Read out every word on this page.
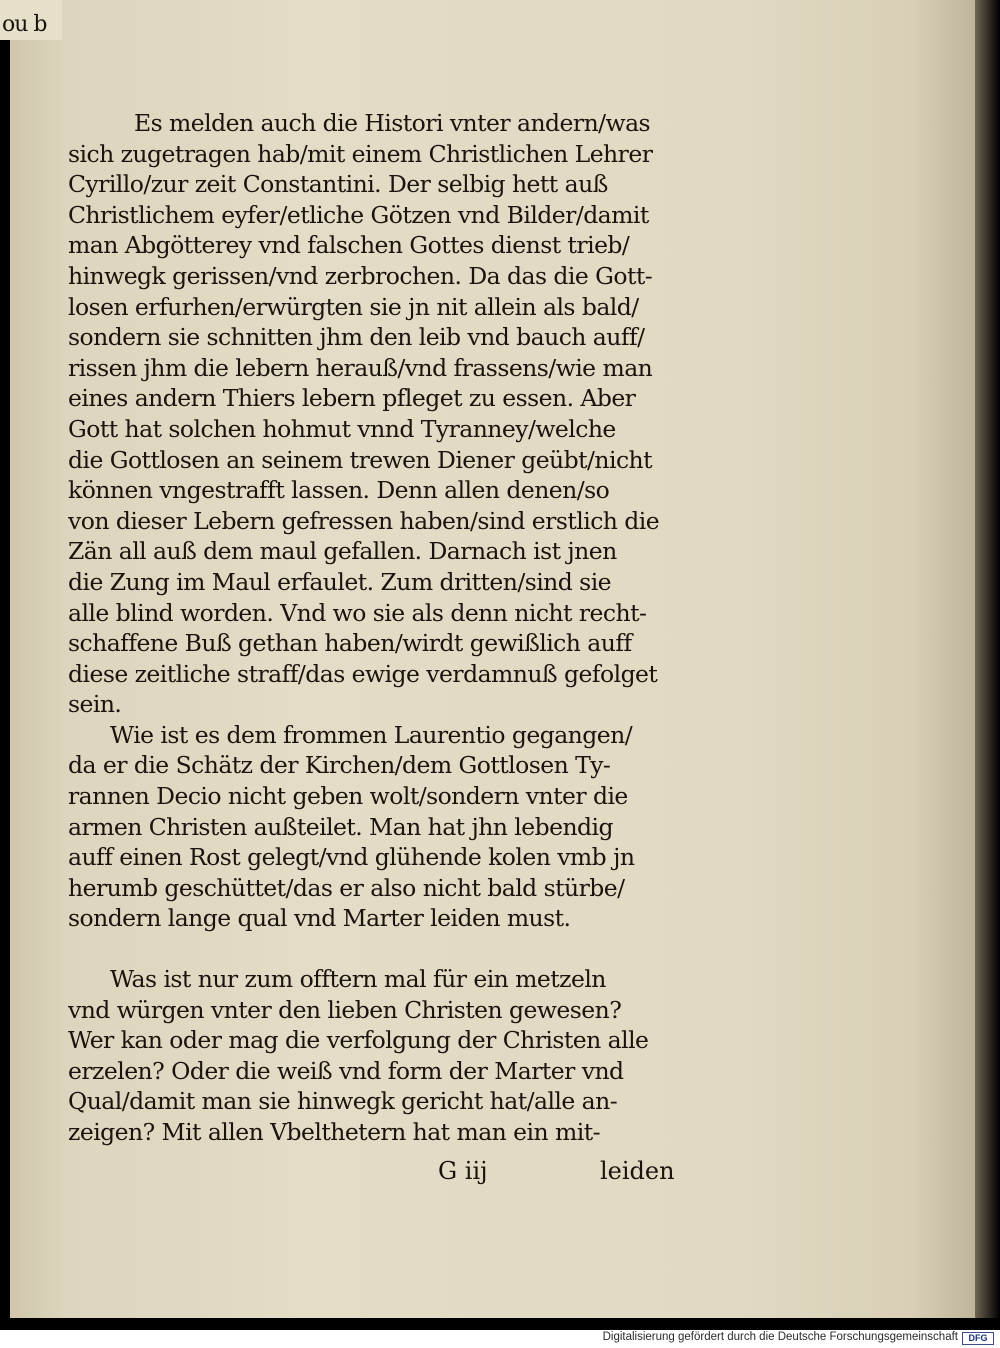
ou b
Es melden auch die Histori vnter andern/was
sich zugetragen hab/mit einem Christlichen Lehrer
Cyrillo/zur zeit Constantini. Der selbig hett auß
Christlichem eyfer/etliche Götzen vnd Bilder/damit
man Abgötterey vnd falschen Gottes dienst trieb/
hinwegk gerissen/vnd zerbrochen. Da das die Gott-
losen erfurhen/erwürgten sie jn nit allein als bald/
sondern sie schnitten jhm den leib vnd bauch auff/
rissen jhm die lebern herauß/vnd frassens/wie man
eines andern Thiers lebern pfleget zu essen. Aber
Gott hat solchen hohmut vnnd Tyranney/welche
die Gottlosen an seinem trewen Diener geübt/nicht
können vngestrafft lassen. Denn allen denen/so
von dieser Lebern gefressen haben/sind erstlich die
Zän all auß dem maul gefallen. Darnach ist jnen
die Zung im Maul erfaulet. Zum dritten/sind sie
alle blind worden. Vnd wo sie als denn nicht recht-
schaffene Buß gethan haben/wirdt gewißlich auff
diese zeitliche straff/das ewige verdamnuß gefolget
sein.
Wie ist es dem frommen Laurentio gegangen/
da er die Schätz der Kirchen/dem Gottlosen Ty-
rannen Decio nicht geben wolt/sondern vnter die
armen Christen außteilet. Man hat jhn lebendig
auff einen Rost gelegt/vnd glühende kolen vmb jn
herumb geschüttet/das er also nicht bald stürbe/
sondern lange qual vnd Marter leiden must.
Was ist nur zum offtern mal für ein metzeln
vnd würgen vnter den lieben Christen gewesen?
Wer kan oder mag die verfolgung der Christen alle
erzelen? Oder die weiß vnd form der Marter vnd
Qual/damit man sie hinwegk gericht hat/alle an-
zeigen? Mit allen Vbelthetern hat man ein mit-
G iij	leiden
Digitalisierung gefördert durch die Deutsche Forschungsgemeinschaft	DFG
